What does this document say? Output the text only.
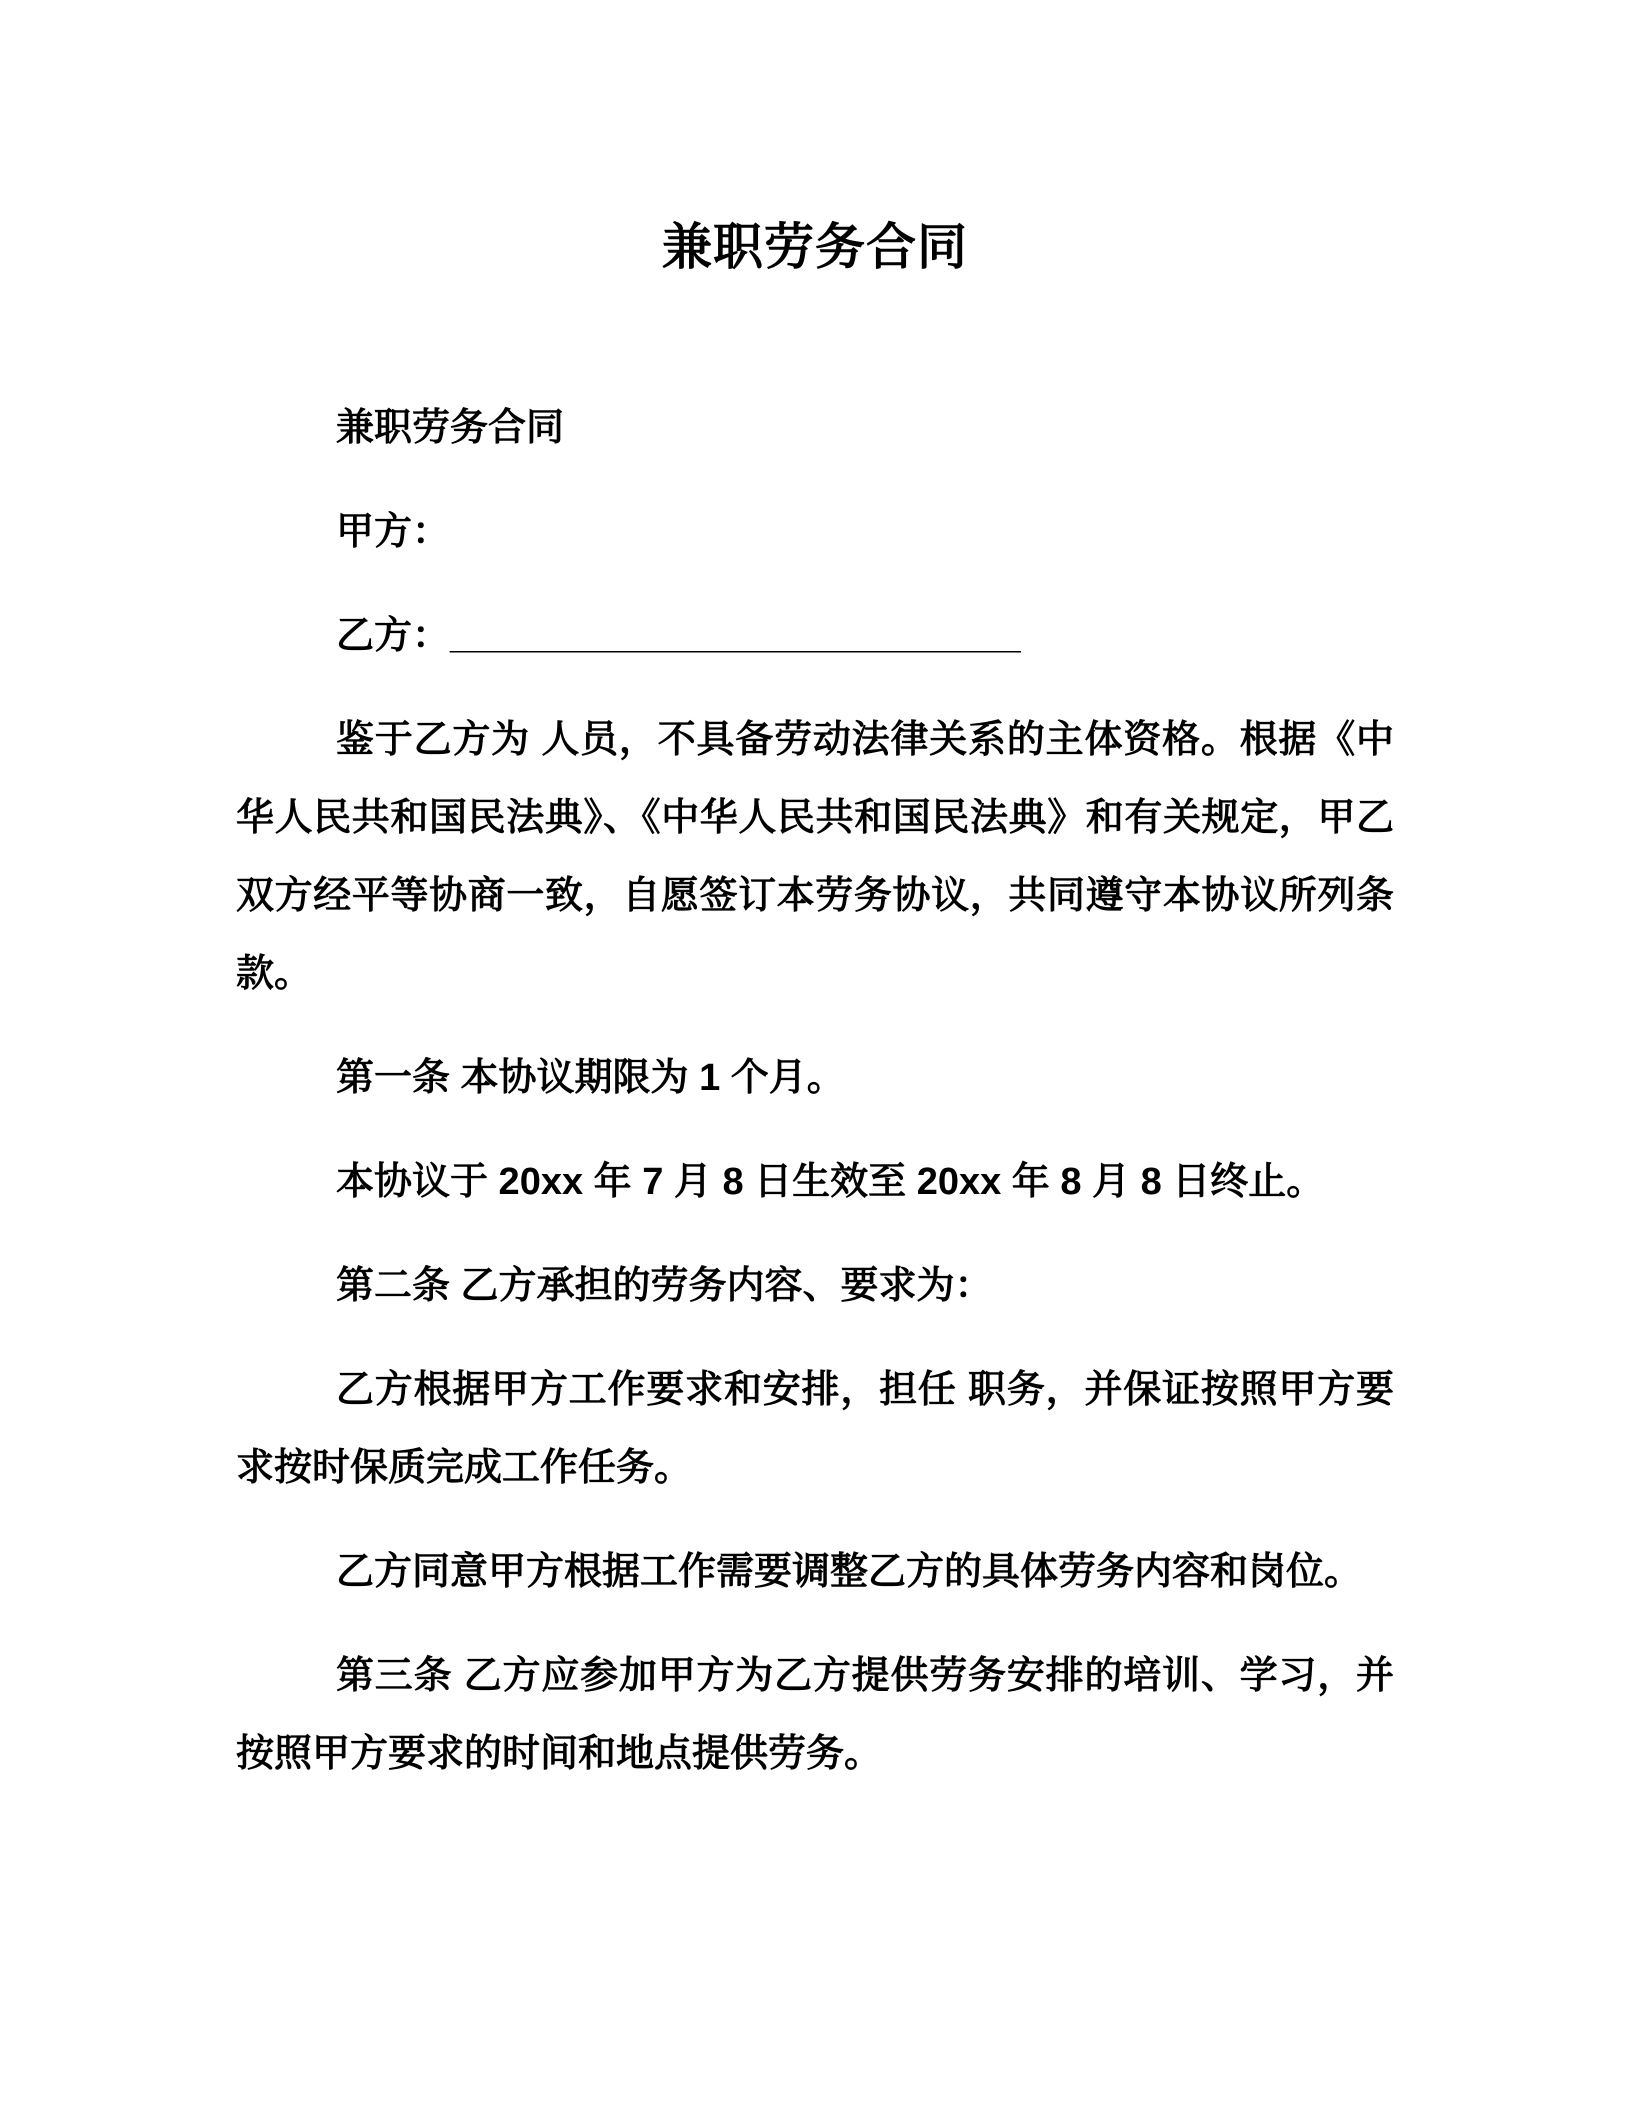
兼职劳务合同

兼职劳务合同

甲方：

乙方：___________________________

鉴于乙方为 人员，不具备劳动法律关系的主体资格。根据《中华人民共和国民法典》、《中华人民共和国民法典》和有关规定，甲乙双方经平等协商一致，自愿签订本劳务协议，共同遵守本协议所列条款。

第一条 本协议期限为 1 个月。

本协议于 20xx 年 7 月 8 日生效至 20xx 年 8 月 8 日终止。

第二条 乙方承担的劳务内容、要求为：

乙方根据甲方工作要求和安排，担任 职务，并保证按照甲方要求按时保质完成工作任务。

乙方同意甲方根据工作需要调整乙方的具体劳务内容和岗位。

第三条 乙方应参加甲方为乙方提供劳务安排的培训、学习，并按照甲方要求的时间和地点提供劳务。
